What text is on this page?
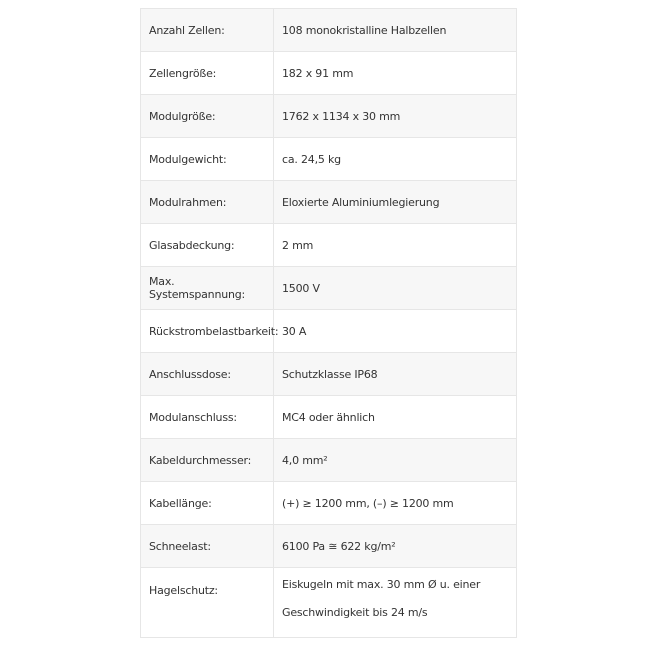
Anzahl Zellen:	108 monokristalline Halbzellen
Zellengröße:	182 x 91 mm
Modulgröße:	1762 x 1134 x 30 mm
Modulgewicht:	ca. 24,5 kg
Modulrahmen:	Eloxierte Aluminiumlegierung
Glasabdeckung:	2 mm
Max. Systemspannung:	1500 V
Rückstrombelastbarkeit:	30 A
Anschlussdose:	Schutzklasse IP68
Modulanschluss:	MC4 oder ähnlich
Kabeldurchmesser:	4,0 mm²
Kabellänge:	(+) ≥ 1200 mm, (–) ≥ 1200 mm
Schneelast:	6100 Pa ≅ 622 kg/m²
Hagelschutz:	Eiskugeln mit max. 30 mm Ø u. einer Geschwindigkeit bis 24 m/s
